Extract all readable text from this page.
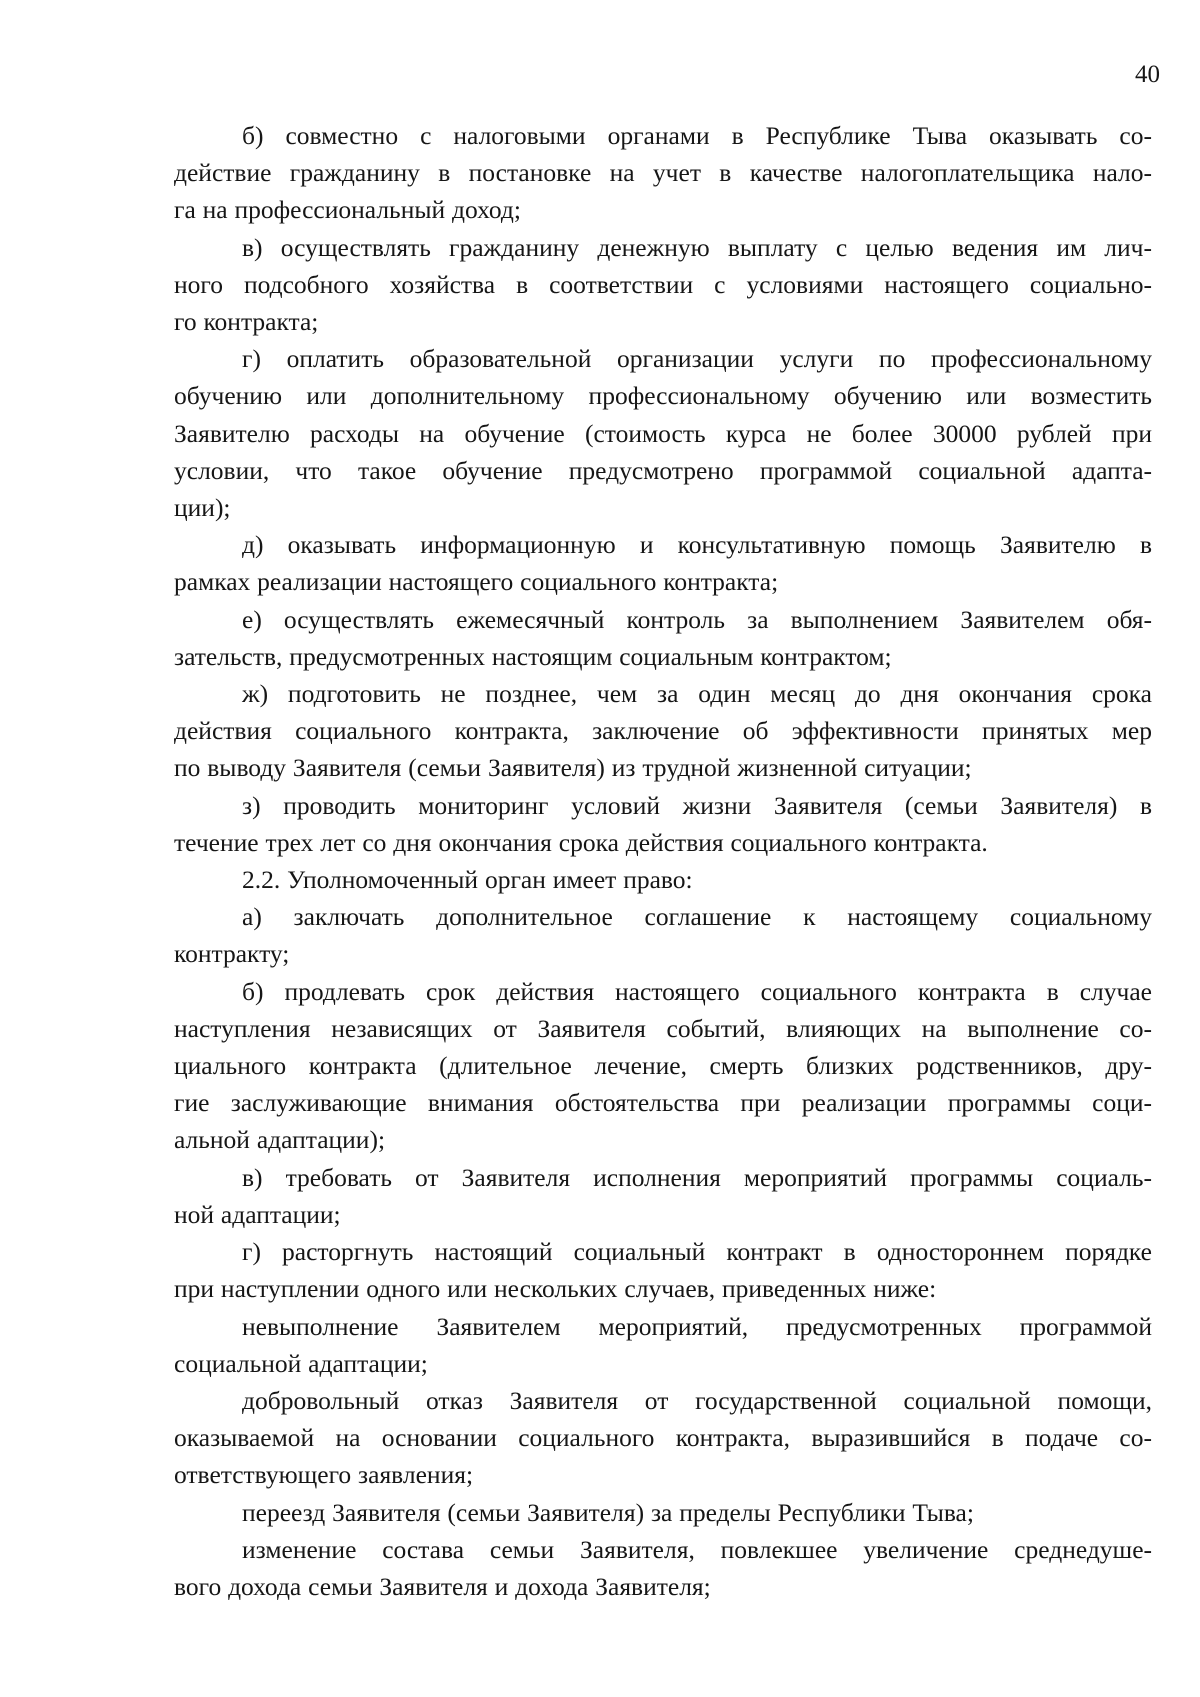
40
б) совместно с налоговыми органами в Республике Тыва оказывать со-
действие гражданину в постановке на учет в качестве налогоплательщика нало-
га на профессиональный доход;
в) осуществлять гражданину денежную выплату с целью ведения им лич-
ного подсобного хозяйства в соответствии с условиями настоящего социально-
го контракта;
г) оплатить образовательной организации услуги по профессиональному
обучению или дополнительному профессиональному обучению или возместить
Заявителю расходы на обучение (стоимость курса не более 30000 рублей при
условии, что такое обучение предусмотрено программой социальной адапта-
ции);
д) оказывать информационную и консультативную помощь Заявителю в
рамках реализации настоящего социального контракта;
е) осуществлять ежемесячный контроль за выполнением Заявителем обя-
зательств, предусмотренных настоящим социальным контрактом;
ж) подготовить не позднее, чем за один месяц до дня окончания срока
действия социального контракта, заключение об эффективности принятых мер
по выводу Заявителя (семьи Заявителя) из трудной жизненной ситуации;
з) проводить мониторинг условий жизни Заявителя (семьи Заявителя) в
течение трех лет со дня окончания срока действия социального контракта.
2.2. Уполномоченный орган имеет право:
а) заключать дополнительное соглашение к настоящему социальному
контракту;
б) продлевать срок действия настоящего социального контракта в случае
наступления независящих от Заявителя событий, влияющих на выполнение со-
циального контракта (длительное лечение, смерть близких родственников, дру-
гие заслуживающие внимания обстоятельства при реализации программы соци-
альной адаптации);
в) требовать от Заявителя исполнения мероприятий программы социаль-
ной адаптации;
г) расторгнуть настоящий социальный контракт в одностороннем порядке
при наступлении одного или нескольких случаев, приведенных ниже:
невыполнение Заявителем мероприятий, предусмотренных программой
социальной адаптации;
добровольный отказ Заявителя от государственной социальной помощи,
оказываемой на основании социального контракта, выразившийся в подаче со-
ответствующего заявления;
переезд Заявителя (семьи Заявителя) за пределы Республики Тыва;
изменение состава семьи Заявителя, повлекшее увеличение среднедуше-
вого дохода семьи Заявителя и дохода Заявителя;
